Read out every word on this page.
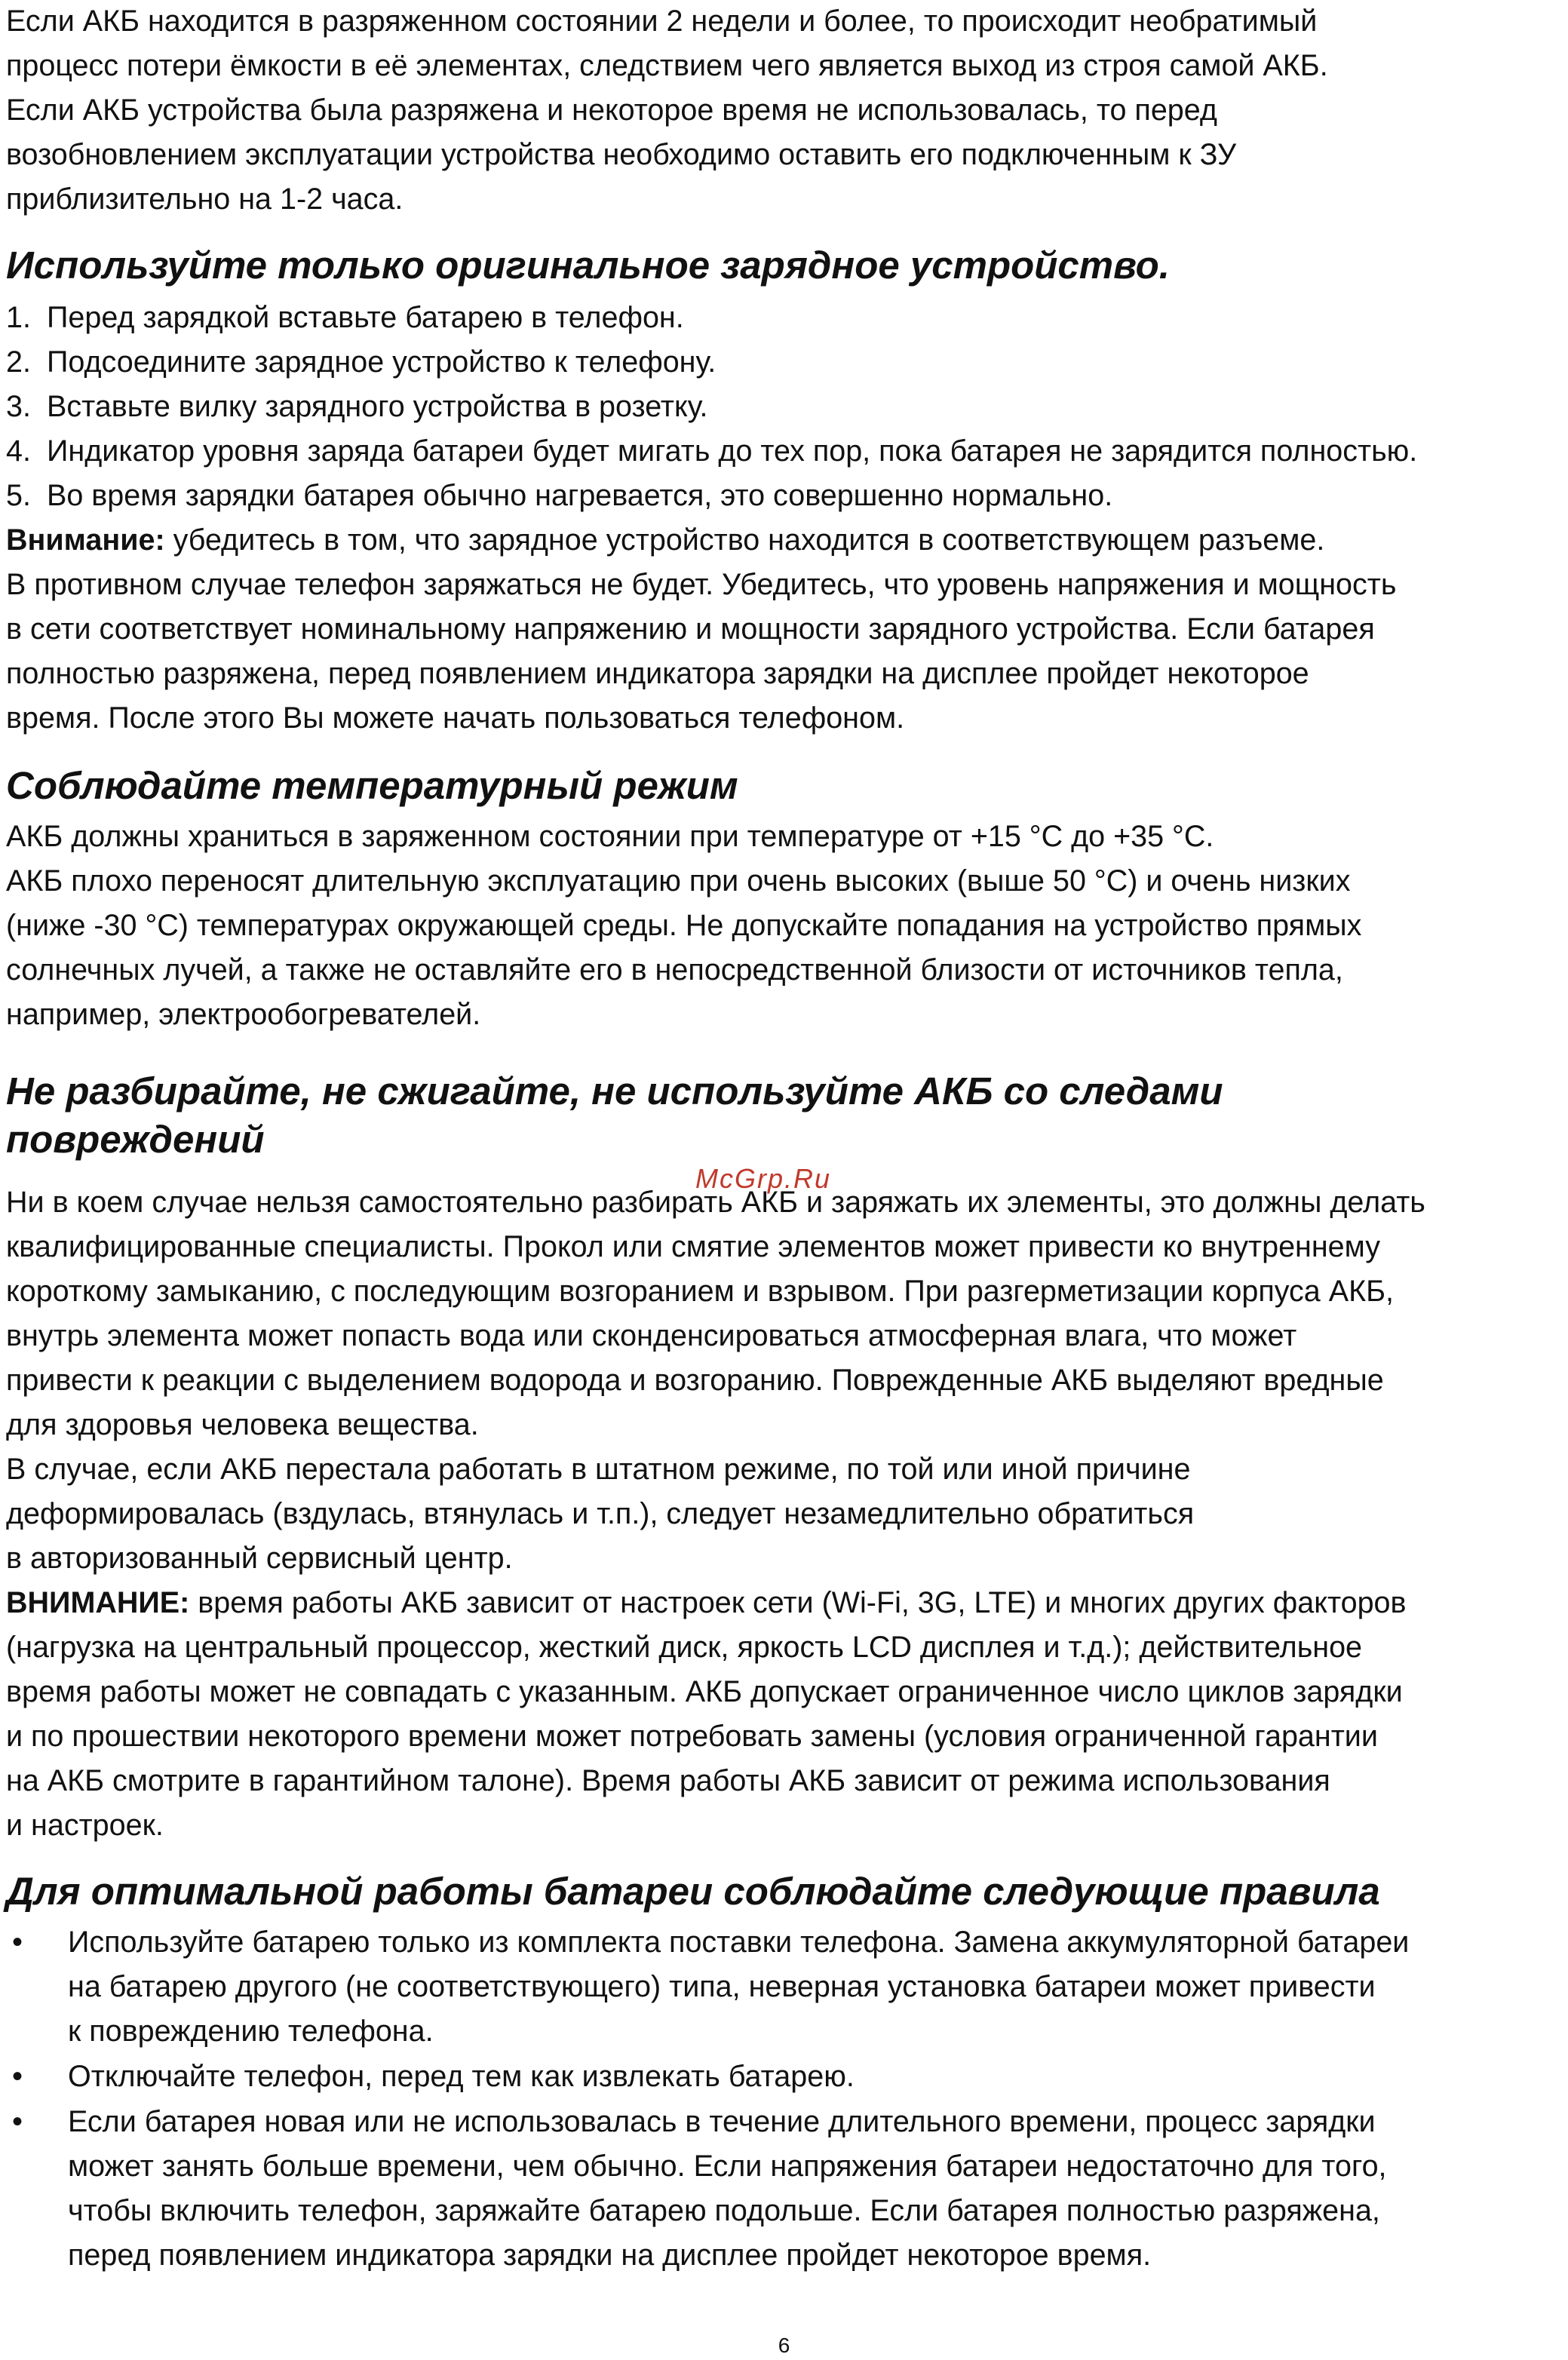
Если АКБ находится в разряженном состоянии 2 недели и более, то происходит необратимый
процесс потери ёмкости в её элементах, следствием чего является выход из строя самой АКБ.
Если АКБ устройства была разряжена и некоторое время не использовалась, то перед
возобновлением эксплуатации устройства необходимо оставить его подключенным к ЗУ
приблизительно на 1-2 часа.

Используйте только оригинальное зарядное устройство.
1. Перед зарядкой вставьте батарею в телефон.
2. Подсоедините зарядное устройство к телефону.
3. Вставьте вилку зарядного устройства в розетку.
4. Индикатор уровня заряда батареи будет мигать до тех пор, пока батарея не зарядится полностью.
5. Во время зарядки батарея обычно нагревается, это совершенно нормально.

Внимание: убедитесь в том, что зарядное устройство находится в соответствующем разъеме.
В противном случае телефон заряжаться не будет. Убедитесь, что уровень напряжения и мощность
в сети соответствует номинальному напряжению и мощности зарядного устройства. Если батарея
полностью разряжена, перед появлением индикатора зарядки на дисплее пройдет некоторое
время. После этого Вы можете начать пользоваться телефоном.

Соблюдайте температурный режим

АКБ должны храниться в заряженном состоянии при температуре от +15 °С до +35 °С.
АКБ плохо переносят длительную эксплуатацию при очень высоких (выше 50 °С) и очень низких
(ниже -30 °С) температурах окружающей среды. Не допускайте попадания на устройство прямых
солнечных лучей, а также не оставляйте его в непосредственной близости от источников тепла,
например, электрообогревателей.

Не разбирайте, не сжигайте, не используйте АКБ со следами
повреждений

Ни в коем случае нельзя самостоятельно разбирать АКБ и заряжать их элементы, это должны делать
квалифицированные специалисты. Прокол или смятие элементов может привести ко внутреннему
короткому замыканию, с последующим возгоранием и взрывом. При разгерметизации корпуса АКБ,
внутрь элемента может попасть вода или сконденсироваться атмосферная влага, что может
привести к реакции с выделением водорода и возгоранию. Поврежденные АКБ выделяют вредные
для здоровья человека вещества.
В случае, если АКБ перестала работать в штатном режиме, по той или иной причине
деформировалась (вздулась, втянулась и т.п.), следует незамедлительно обратиться
в авторизованный сервисный центр.
ВНИМАНИЕ: время работы АКБ зависит от настроек сети (Wi-Fi, 3G, LTE) и многих других факторов
(нагрузка на центральный процессор, жесткий диск, яркость LCD дисплея и т.д.); действительное
время работы может не совпадать с указанным. АКБ допускает ограниченное число циклов зарядки
и по прошествии некоторого времени может потребовать замены (условия ограниченной гарантии
на АКБ смотрите в гарантийном талоне). Время работы АКБ зависит от режима использования
и настроек.

Для оптимальной работы батареи соблюдайте следующие правила
• Используйте батарею только из комплекта поставки телефона. Замена аккумуляторной батареи
на батарею другого (не соответствующего) типа, неверная установка батареи может привести
к повреждению телефона.
• Отключайте телефон, перед тем как извлекать батарею.
• Если батарея новая или не использовалась в течение длительного времени, процесс зарядки
может занять больше времени, чем обычно. Если напряжения батареи недостаточно для того,
чтобы включить телефон, заряжайте батарею подольше. Если батарея полностью разряжена,
перед появлением индикатора зарядки на дисплее пройдет некоторое время.
McGrp.Ru
6
